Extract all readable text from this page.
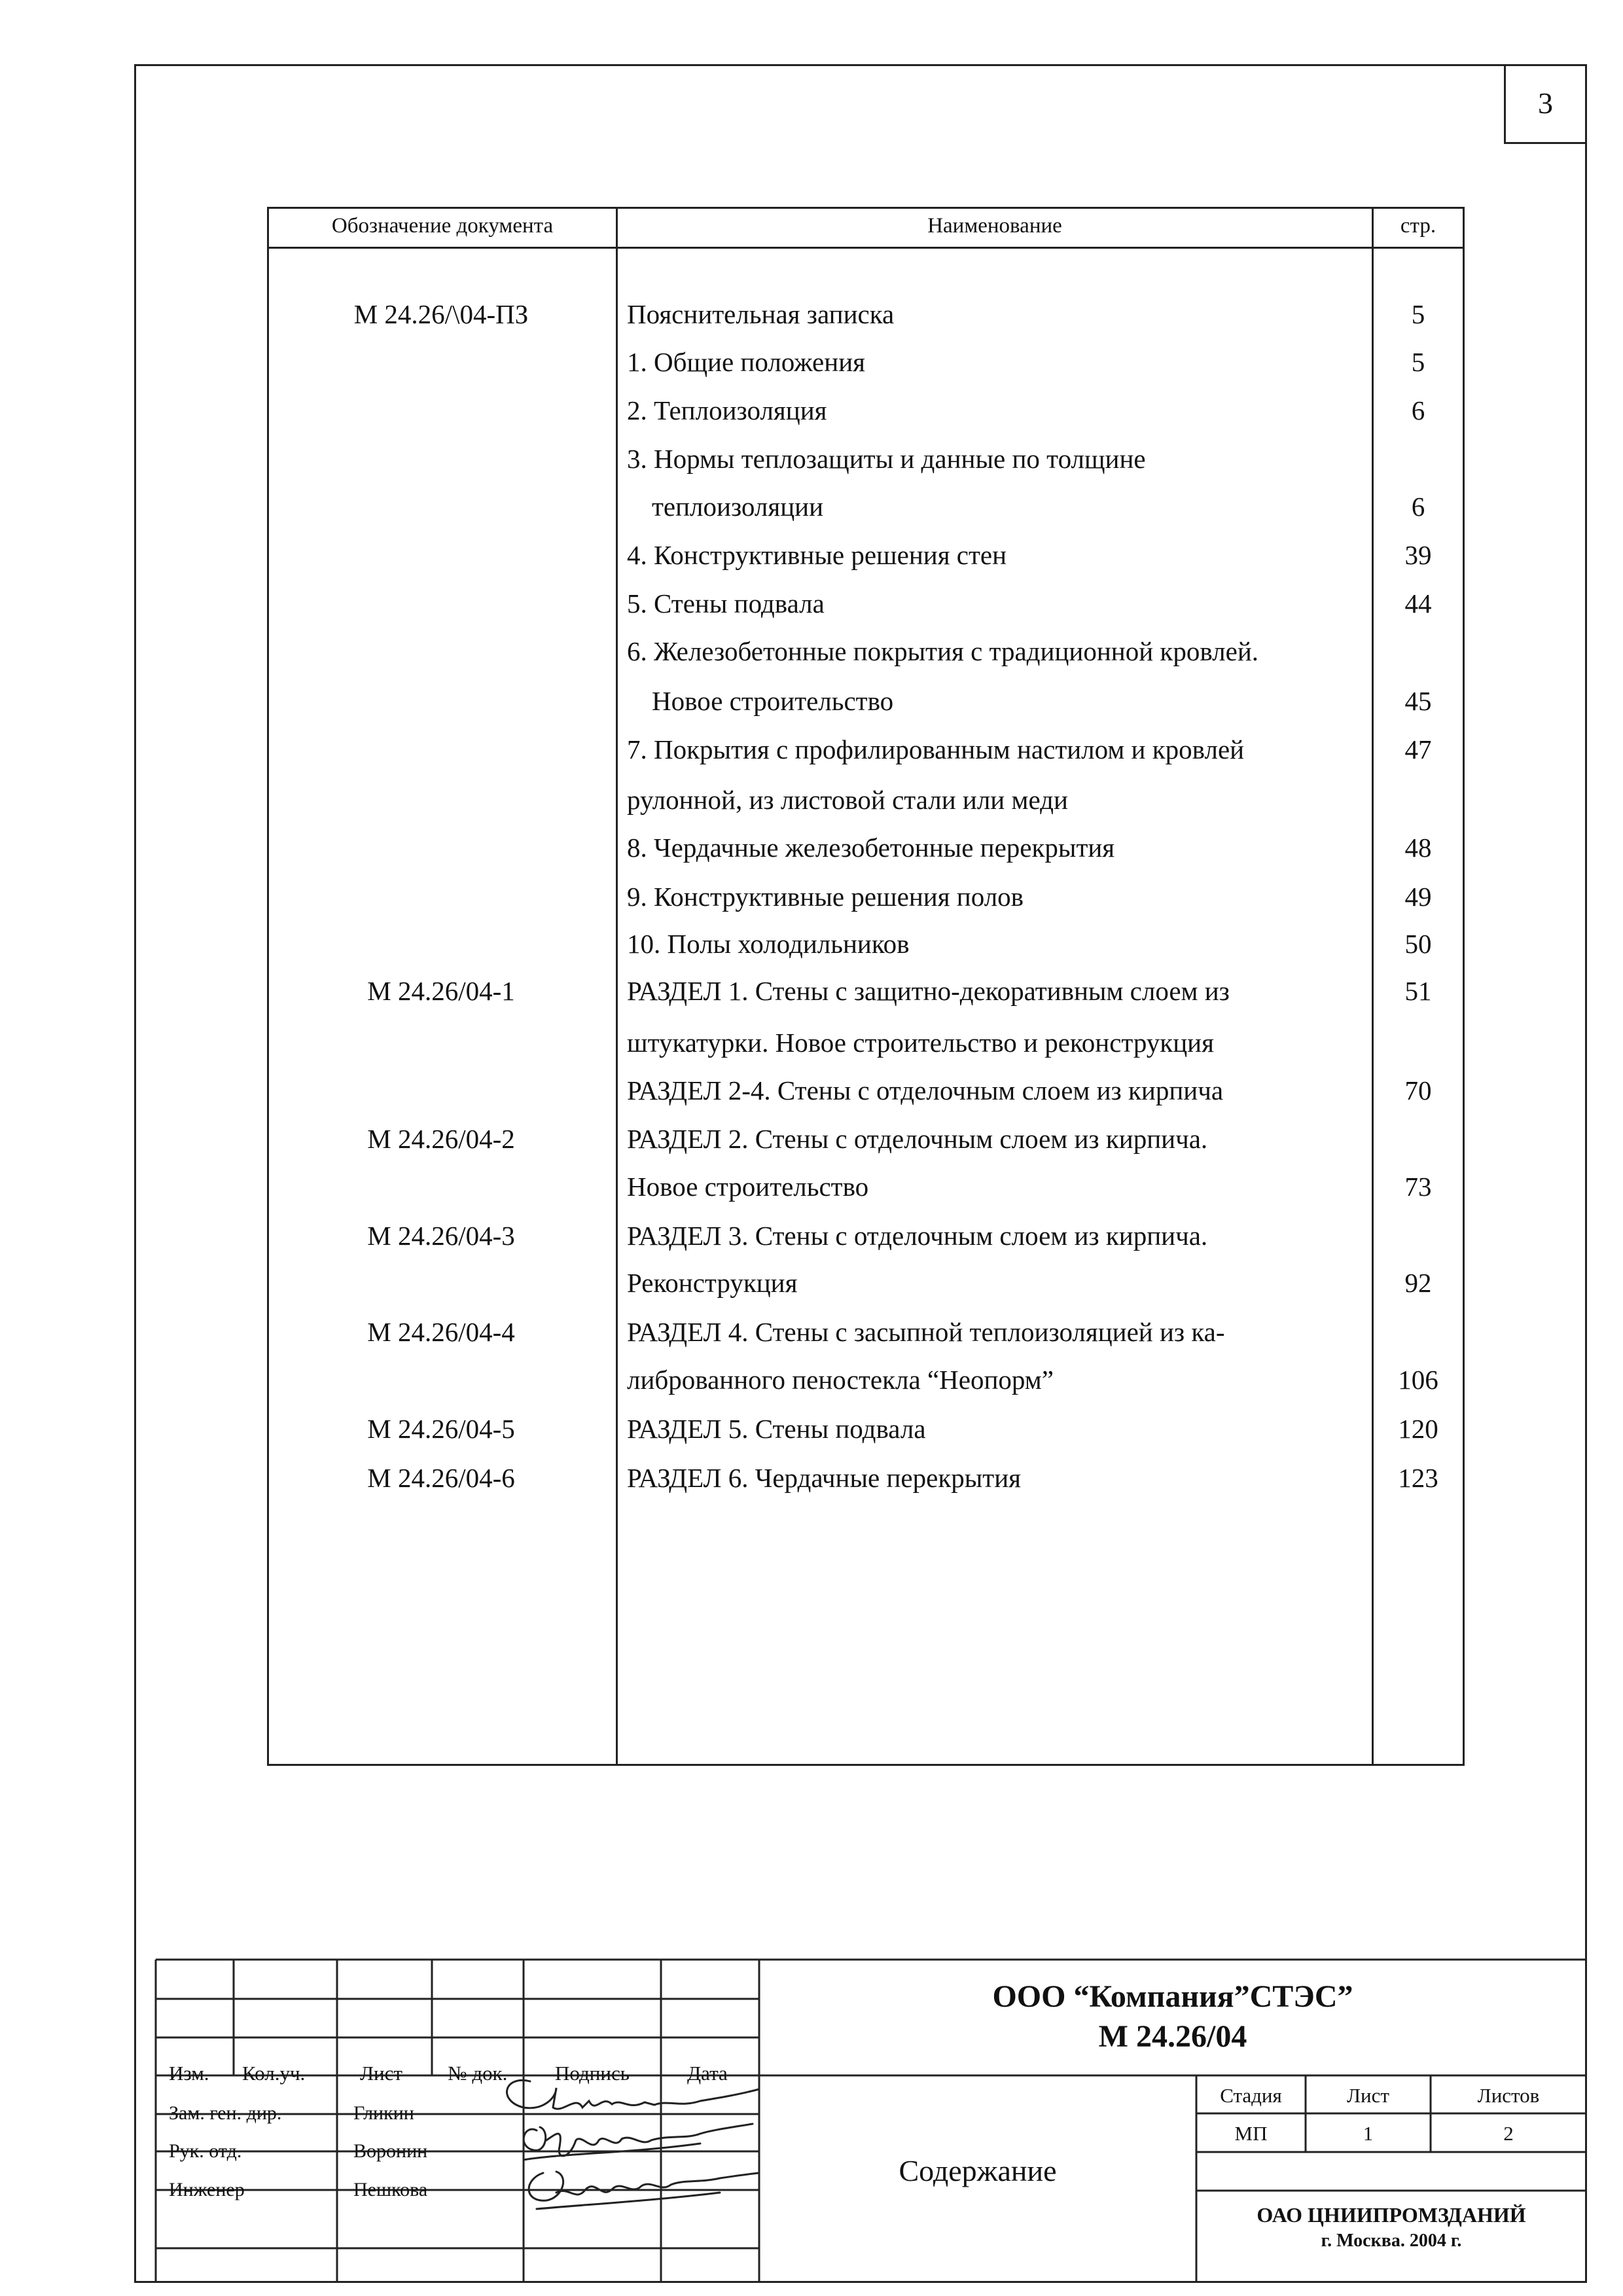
3
Обозначение документа	Наименование	стр.
М 24.26/\04-ПЗ	Пояснительная записка	5
1. Общие положения	5
2. Теплоизоляция	6
3. Нормы теплозащиты и данные по толщине
теплоизоляции	6
4. Конструктивные решения стен	39
5. Стены подвала	44
6. Железобетонные покрытия с традиционной кровлей.
Новое строительство	45
7. Покрытия с профилированным настилом и кровлей	47
рулонной, из листовой стали или меди
8. Чердачные железобетонные перекрытия	48
9. Конструктивные решения полов	49
10. Полы холодильников	50
М 24.26/04-1	РАЗДЕЛ 1. Стены с защитно-декоративным слоем из	51
штукатурки. Новое строительство и реконструкция
РАЗДЕЛ 2-4. Стены с отделочным слоем из кирпича	70
М 24.26/04-2	РАЗДЕЛ 2. Стены с отделочным слоем из кирпича.
Новое строительство	73
М 24.26/04-3	РАЗДЕЛ 3. Стены с отделочным слоем из кирпича.
Реконструкция	92
М 24.26/04-4	РАЗДЕЛ 4. Стены с засыпной теплоизоляцией из ка-
либрованного пеностекла “Неопорм”	106
М 24.26/04-5	РАЗДЕЛ 5. Стены подвала	120
М 24.26/04-6	РАЗДЕЛ 6. Чердачные перекрытия	123
Изм. Кол.уч.	Лист № док. Подпись	Дата
Зам. ген. дир.	Гликин
Рук. отд.	Воронин
Инженер	Пешкова
ООО “Компания”СТЭС”
М 24.26/04
Содержание
Стадия	Лист	Листов
МП	1	2
ОАО ЦНИИПРОМЗДАНИЙ
г. Москва. 2004 г.
